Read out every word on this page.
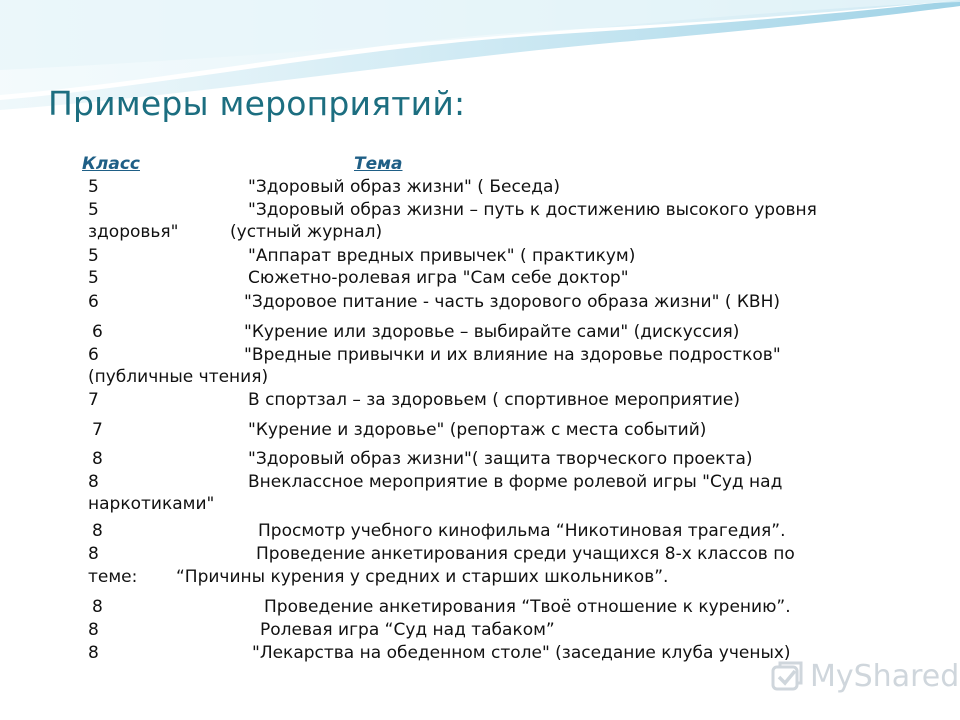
Примеры мероприятий:
Класс	Тема
5	"Здоровый образ жизни" ( Беседа)
5	"Здоровый образ жизни – путь к достижению высокого уровня
здоровья"	(устный журнал)
5	"Аппарат вредных привычек" ( практикум)
5	Сюжетно-ролевая игра "Сам себе доктор"
6	"Здоровое питание - часть здорового образа жизни" ( КВН)
6	"Курение или здоровье – выбирайте сами" (дискуссия)
6	"Вредные привычки и их влияние на здоровье подростков"
(публичные чтения)
7	В спортзал – за здоровьем ( спортивное мероприятие)
7	"Курение и здоровье" (репортаж с места событий)
8	"Здоровый образ жизни"( защита творческого проекта)
8	Внеклассное мероприятие в форме ролевой игры "Суд над
наркотиками"
8	Просмотр учебного кинофильма “Никотиновая трагедия”.
8	Проведение анкетирования среди учащихся 8-х классов по
теме: “Причины курения у средних и старших школьников”.
8	Проведение анкетирования “Твоё отношение к курению”.
8	Ролевая игра “Суд над табаком”
8	"Лекарства на обеденном столе" (заседание клуба ученых)
MyShared
